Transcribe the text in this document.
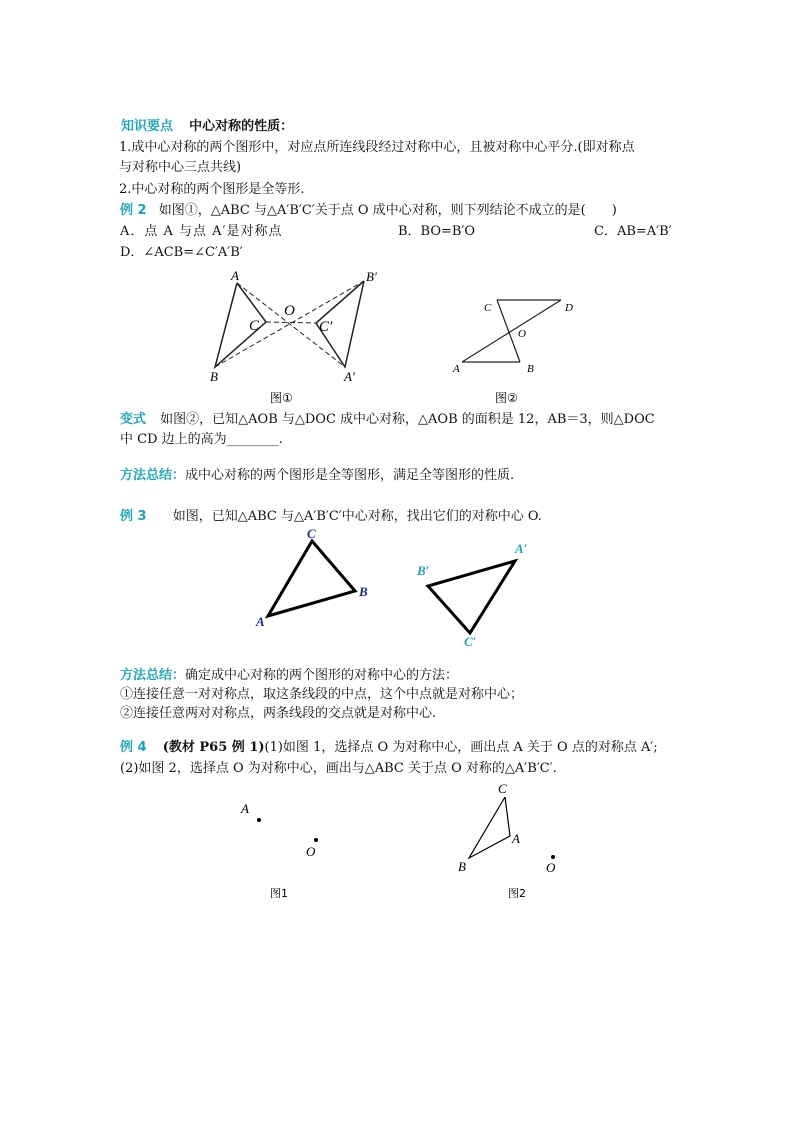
知识要点 中心对称的性质：
1.成中心对称的两个图形中，对应点所连线段经过对称中心，且被对称中心平分.(即对称点
与对称中心三点共线)
2.中心对称的两个图形是全等形.
例 2 如图①，△ABC 与△A′B′C′关于点 O 成中心对称，则下列结论不成立的是(　　)
A．点 A 与点 A′是对称点	B．BO=B′O	C．AB=A′B′
D．∠ACB=∠C′A′B′
A
B
C
O
C′
B′
A′
图①
C	D
O
A	B
图②
C
B
A
A′
B′
C′
A
O
图1
C
A
B	O
图2
变式 如图②，已知△AOB 与△DOC 成中心对称，△AOB 的面积是 12，AB＝3，则△DOC
中 CD 边上的高为________.
方法总结：成中心对称的两个图形是全等图形，满足全等图形的性质.
例 3 如图，已知△ABC 与△A′B′C′中心对称，找出它们的对称中心 O.
方法总结：确定成中心对称的两个图形的对称中心的方法：
①连接任意一对对称点，取这条线段的中点，这个中点就是对称中心；
②连接任意两对对称点，两条线段的交点就是对称中心.
例 4 (教材 P65 例 1)(1)如图 1，选择点 O 为对称中心，画出点 A 关于 O 点的对称点 A′;
(2)如图 2，选择点 O 为对称中心，画出与△ABC 关于点 O 对称的△A′B′C′.
